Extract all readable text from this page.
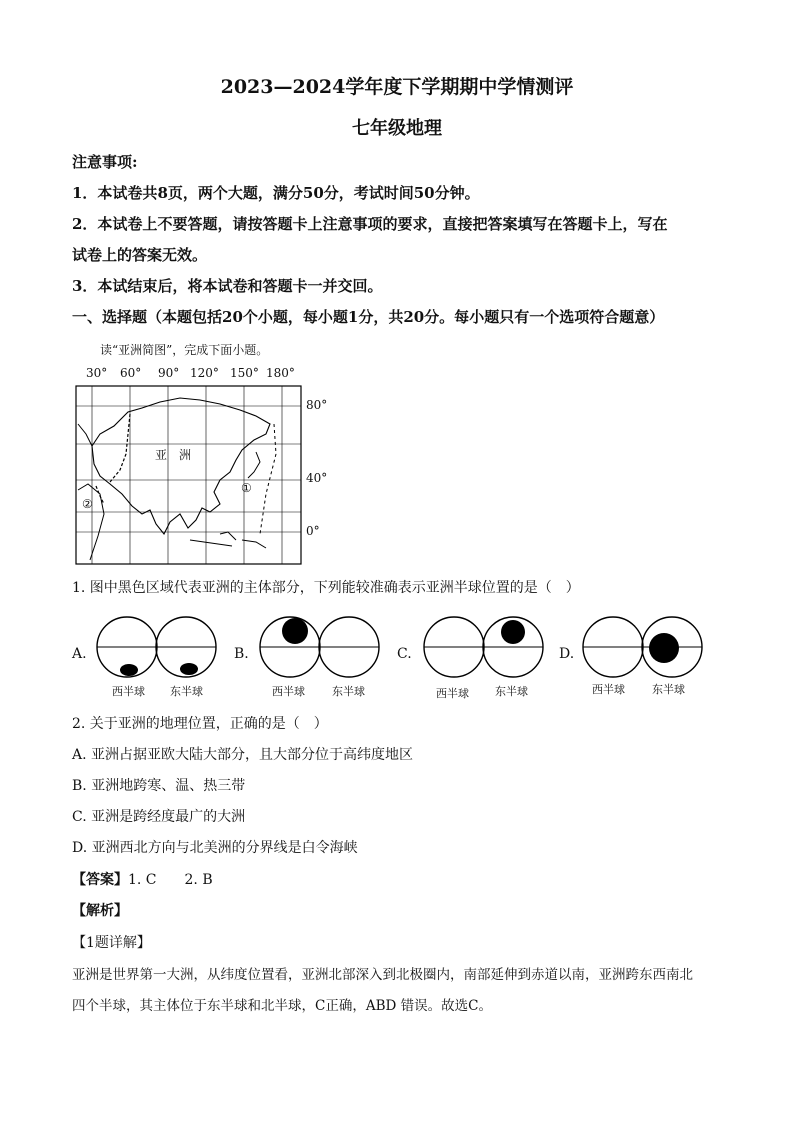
2023—2024学年度下学期期中学情测评
七年级地理
注意事项:
1．本试卷共8页，两个大题，满分50分，考试时间50分钟。
2．本试卷上不要答题，请按答题卡上注意事项的要求，直接把答案填写在答题卡上，写在
试卷上的答案无效。
3．本试结束后，将本试卷和答题卡一并交回。
一、选择题（本题包括20个小题，每小题1分，共20分。每小题只有一个选项符合题意）
读“亚洲简图”，完成下面小题。
30° 60° 90° 120° 150° 180°
80°
40°
0°
亚　洲
①
②
1. 图中黑色区域代表亚洲的主体部分，下列能较准确表示亚洲半球位置的是（　）
A.
西半球 东半球
B.
西半球 东半球
C.
西半球 东半球
D.
西半球 东半球
2. 关于亚洲的地理位置，正确的是（　）
A. 亚洲占据亚欧大陆大部分，且大部分位于高纬度地区
B. 亚洲地跨寒、温、热三带
C. 亚洲是跨经度最广的大洲
D. 亚洲西北方向与北美洲的分界线是白令海峡
【答案】1. C　　2. B
【解析】
【1题详解】
亚洲是世界第一大洲，从纬度位置看，亚洲北部深入到北极圈内，南部延伸到赤道以南，亚洲跨东西南北
四个半球，其主体位于东半球和北半球，C正确，ABD 错误。故选C。
